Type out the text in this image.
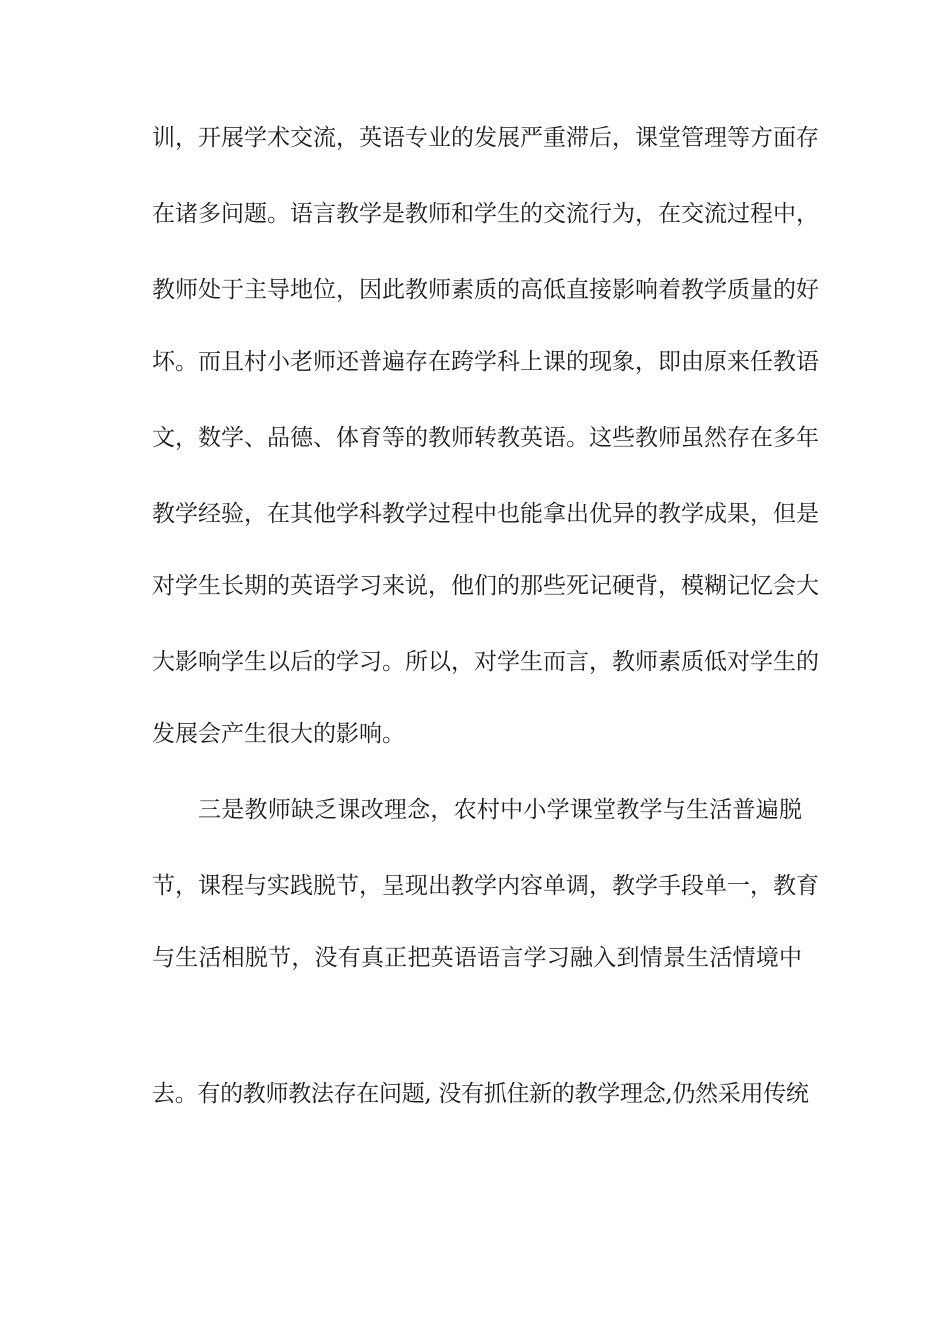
训，开展学术交流，英语专业的发展严重滞后，课堂管理等方面存
在诸多问题。语言教学是教师和学生的交流行为，在交流过程中，
教师处于主导地位，因此教师素质的高低直接影响着教学质量的好
坏。而且村小老师还普遍存在跨学科上课的现象，即由原来任教语
文，数学、品德、体育等的教师转教英语。这些教师虽然存在多年
教学经验，在其他学科教学过程中也能拿出优异的教学成果，但是
对学生长期的英语学习来说，他们的那些死记硬背，模糊记忆会大
大影响学生以后的学习。所以，对学生而言，教师素质低对学生的
发展会产生很大的影响。
三是教师缺乏课改理念，农村中小学课堂教学与生活普遍脱
节，课程与实践脱节，呈现出教学内容单调，教学手段单一，教育
与生活相脱节，没有真正把英语语言学习融入到情景生活情境中
去。有的教师教法存在问题, 没有抓住新的教学理念,仍然采用传统
